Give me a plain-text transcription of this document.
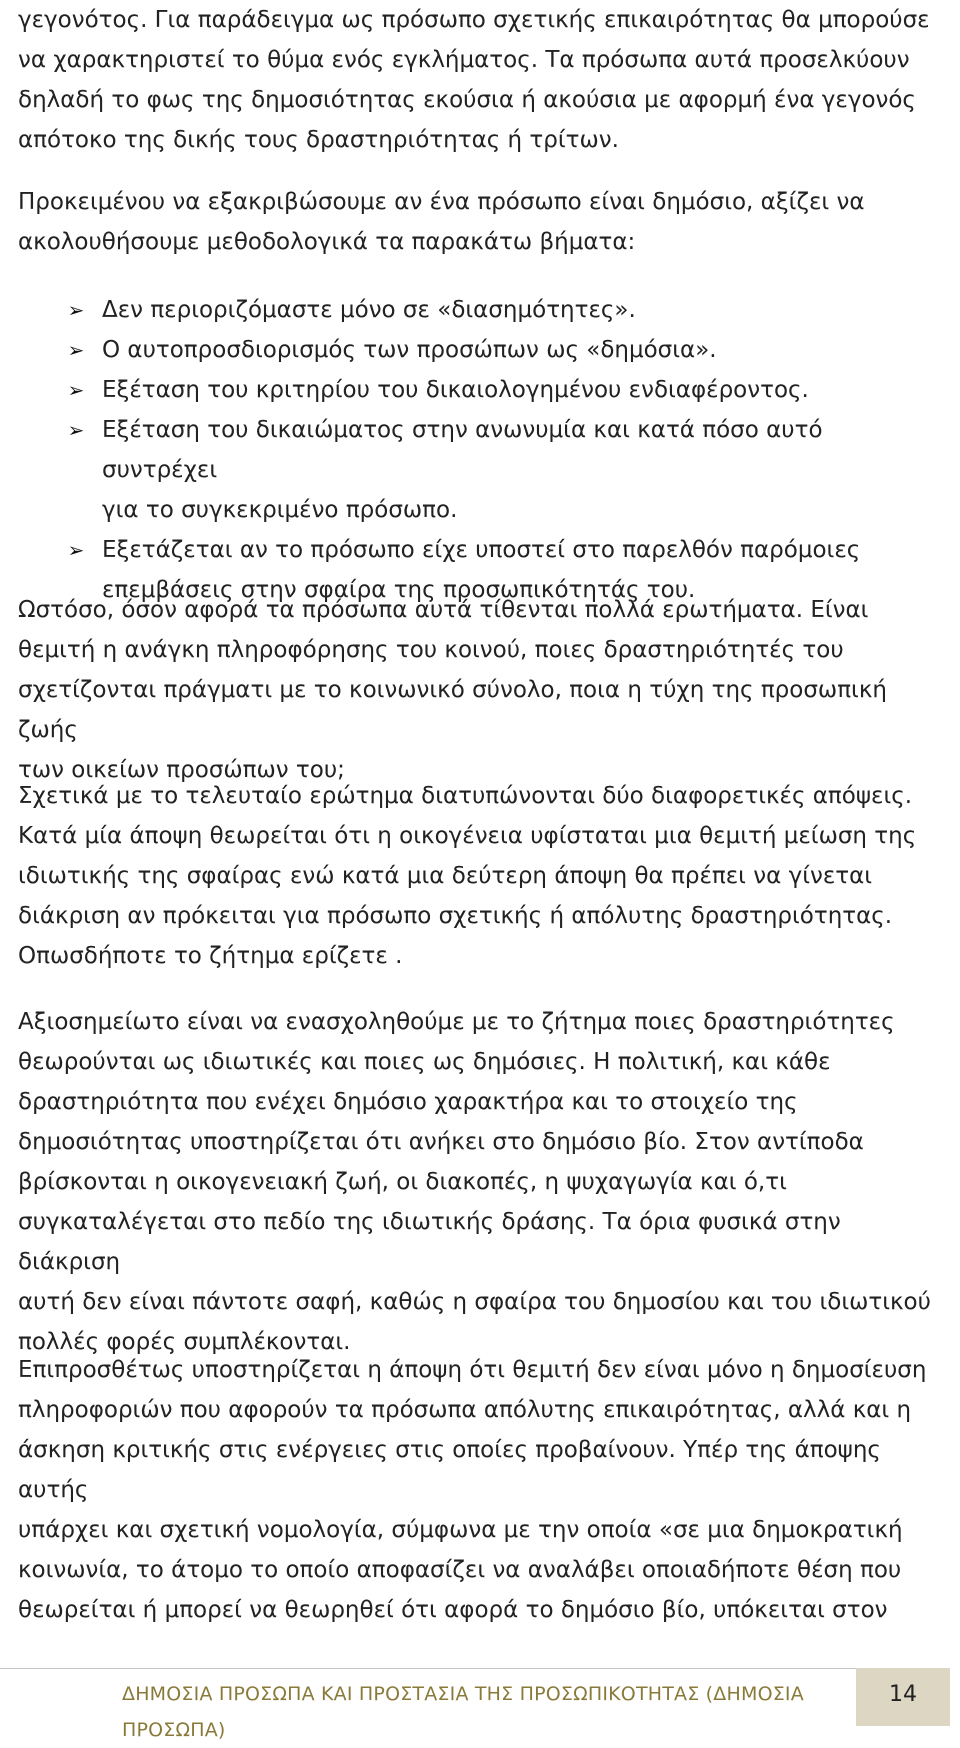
γεγονότος. Για παράδειγμα ως πρόσωπο σχετικής επικαιρότητας θα μπορούσε
να χαρακτηριστεί το θύμα ενός εγκλήματος. Τα πρόσωπα αυτά προσελκύουν
δηλαδή το φως της δημοσιότητας εκούσια ή ακούσια με αφορμή ένα γεγονός
απότοκο της δικής τους δραστηριότητας ή τρίτων.
Προκειμένου να εξακριβώσουμε αν ένα πρόσωπο είναι δημόσιο, αξίζει να
ακολουθήσουμε μεθοδολογικά τα παρακάτω βήματα:
➢ Δεν περιοριζόμαστε μόνο σε «διασημότητες».
➢ Ο αυτοπροσδιορισμός των προσώπων ως «δημόσια».
➢ Εξέταση του κριτηρίου του δικαιολογημένου ενδιαφέροντος.
➢ Εξέταση του δικαιώματος στην ανωνυμία και κατά πόσο αυτό συντρέχει
για το συγκεκριμένο πρόσωπο.
➢ Εξετάζεται αν το πρόσωπο είχε υποστεί στο παρελθόν παρόμοιες
επεμβάσεις στην σφαίρα της προσωπικότητάς του.
Ωστόσο, όσον αφορά τα πρόσωπα αυτά τίθενται πολλά ερωτήματα. Είναι
θεμιτή η ανάγκη πληροφόρησης του κοινού, ποιες δραστηριότητές του
σχετίζονται πράγματι με το κοινωνικό σύνολο, ποια η τύχη της προσωπική ζωής
των οικείων προσώπων του;
Σχετικά με το τελευταίο ερώτημα διατυπώνονται δύο διαφορετικές απόψεις.
Κατά μία άποψη θεωρείται ότι η οικογένεια υφίσταται μια θεμιτή μείωση της
ιδιωτικής της σφαίρας ενώ κατά μια δεύτερη άποψη θα πρέπει να γίνεται
διάκριση αν πρόκειται για πρόσωπο σχετικής ή απόλυτης δραστηριότητας.
Οπωσδήποτε το ζήτημα ερίζετε .
Αξιοσημείωτο είναι να ενασχοληθούμε με το ζήτημα ποιες δραστηριότητες
θεωρούνται ως ιδιωτικές και ποιες ως δημόσιες. Η πολιτική, και κάθε
δραστηριότητα που ενέχει δημόσιο χαρακτήρα και το στοιχείο της
δημοσιότητας υποστηρίζεται ότι ανήκει στο δημόσιο βίο. Στον αντίποδα
βρίσκονται η οικογενειακή ζωή, οι διακοπές, η ψυχαγωγία και ό,τι
συγκαταλέγεται στο πεδίο της ιδιωτικής δράσης. Τα όρια φυσικά στην διάκριση
αυτή δεν είναι πάντοτε σαφή, καθώς η σφαίρα του δημοσίου και του ιδιωτικού
πολλές φορές συμπλέκονται.
Επιπροσθέτως υποστηρίζεται η άποψη ότι θεμιτή δεν είναι μόνο η δημοσίευση
πληροφοριών που αφορούν τα πρόσωπα απόλυτης επικαιρότητας, αλλά και η
άσκηση κριτικής στις ενέργειες στις οποίες προβαίνουν. Υπέρ της άποψης αυτής
υπάρχει και σχετική νομολογία, σύμφωνα με την οποία «σε μια δημοκρατική
κοινωνία, το άτομο το οποίο αποφασίζει να αναλάβει οποιαδήποτε θέση που
θεωρείται ή μπορεί να θεωρηθεί ότι αφορά το δημόσιο βίο, υπόκειται στον
ΔΗΜΟΣΙΑ ΠΡΟΣΩΠΑ ΚΑΙ ΠΡΟΣΤΑΣΙΑ ΤΗΣ ΠΡΟΣΩΠΙΚΟΤΗΤΑΣ (ΔΗΜΟΣΙΑ ΠΡΟΣΩΠΑ)
14
